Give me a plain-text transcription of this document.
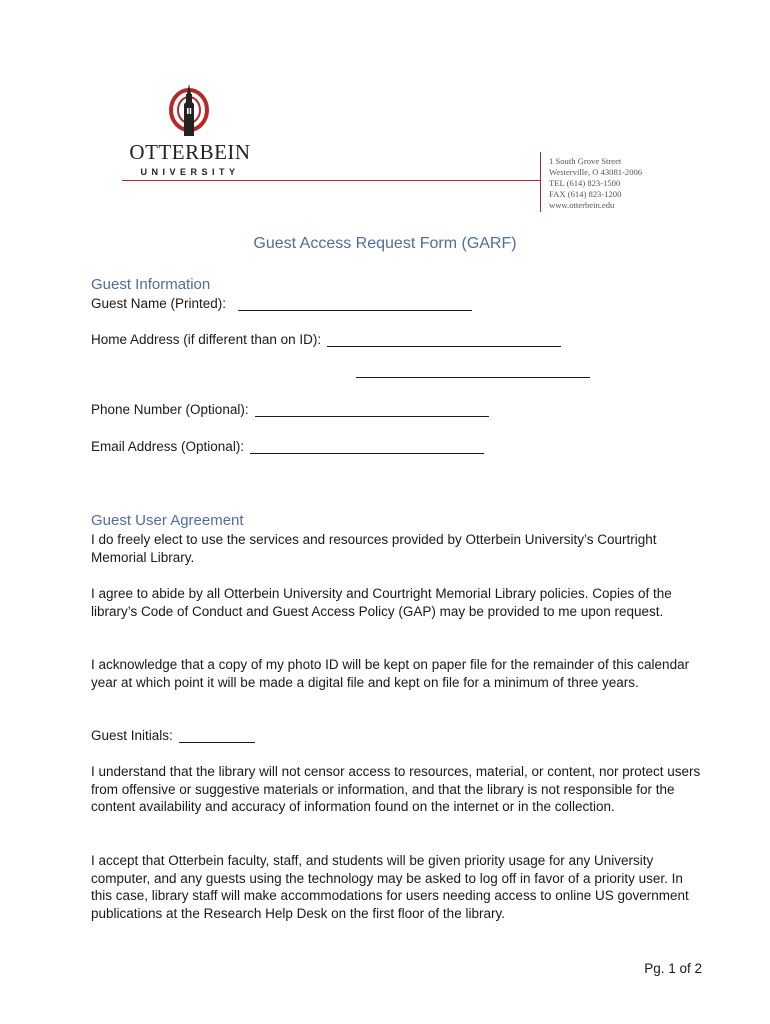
OTTERBEIN
UNIVERSITY
1 South Grove Street
Westerville, O 43081-2006
TEL (614) 823-1500
FAX (614) 823-1200
www.otterbein.edu
Guest Access Request Form (GARF)
Guest Information
Guest Name (Printed):
Home Address (if different than on ID):
Phone Number (Optional):
Email Address (Optional):
Guest User Agreement
I do freely elect to use the services and resources provided by Otterbein University’s Courtright Memorial Library.
I agree to abide by all Otterbein University and Courtright Memorial Library policies. Copies of the library’s Code of Conduct and Guest Access Policy (GAP) may be provided to me upon request.
I acknowledge that a copy of my photo ID will be kept on paper file for the remainder of this calendar year at which point it will be made a digital file and kept on file for a minimum of three years.
Guest Initials:
I understand that the library will not censor access to resources, material, or content, nor protect users from offensive or suggestive materials or information, and that the library is not responsible for the content availability and accuracy of information found on the internet or in the collection.
I accept that Otterbein faculty, staff, and students will be given priority usage for any University computer, and any guests using the technology may be asked to log off in favor of a priority user. In this case, library staff will make accommodations for users needing access to online US government publications at the Research Help Desk on the first floor of the library.
Pg. 1 of 2
